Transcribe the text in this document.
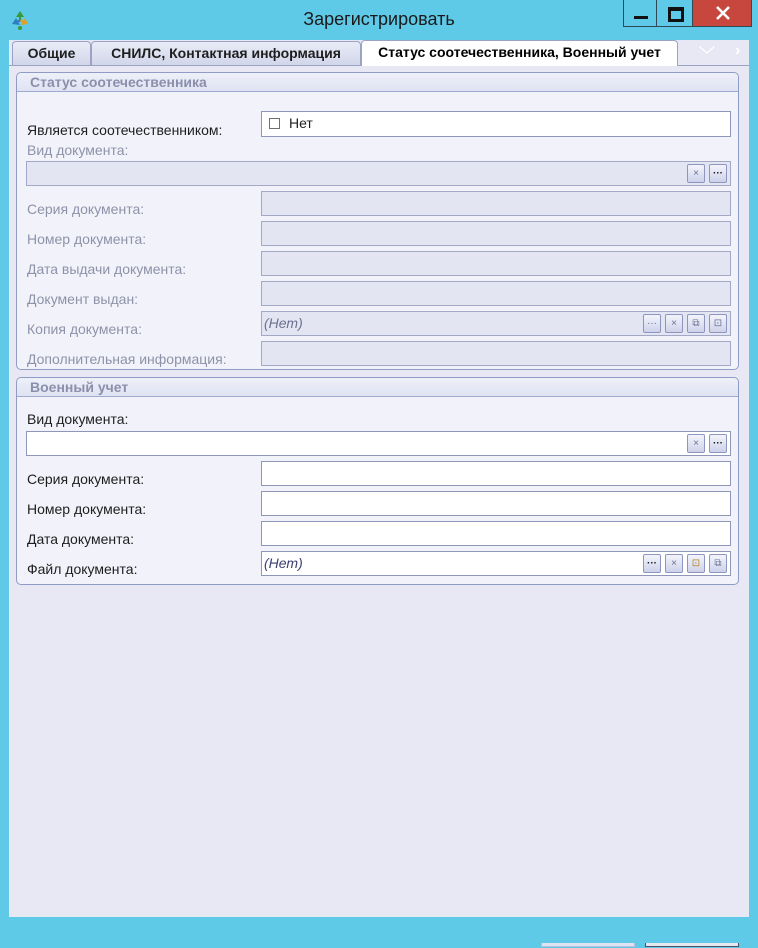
Зарегистрировать
Общие	СНИЛС, Контактная информация	Статус соотечественника, Военный учет	﹀ ›
Статус соотечественника
Является соотечественником:	Нет
Вид документа:
×	···
Серия документа:
Номер документа:
Дата выдачи документа:
Документ выдан:
Копия документа:	(Нет)	···	×	⧉	⊡
Дополнительная информация:
Военный учет
Вид документа:
×	···
Серия документа:
Номер документа:
Дата документа:
Файл документа:	(Нет)	···	×	⊡	⧉
